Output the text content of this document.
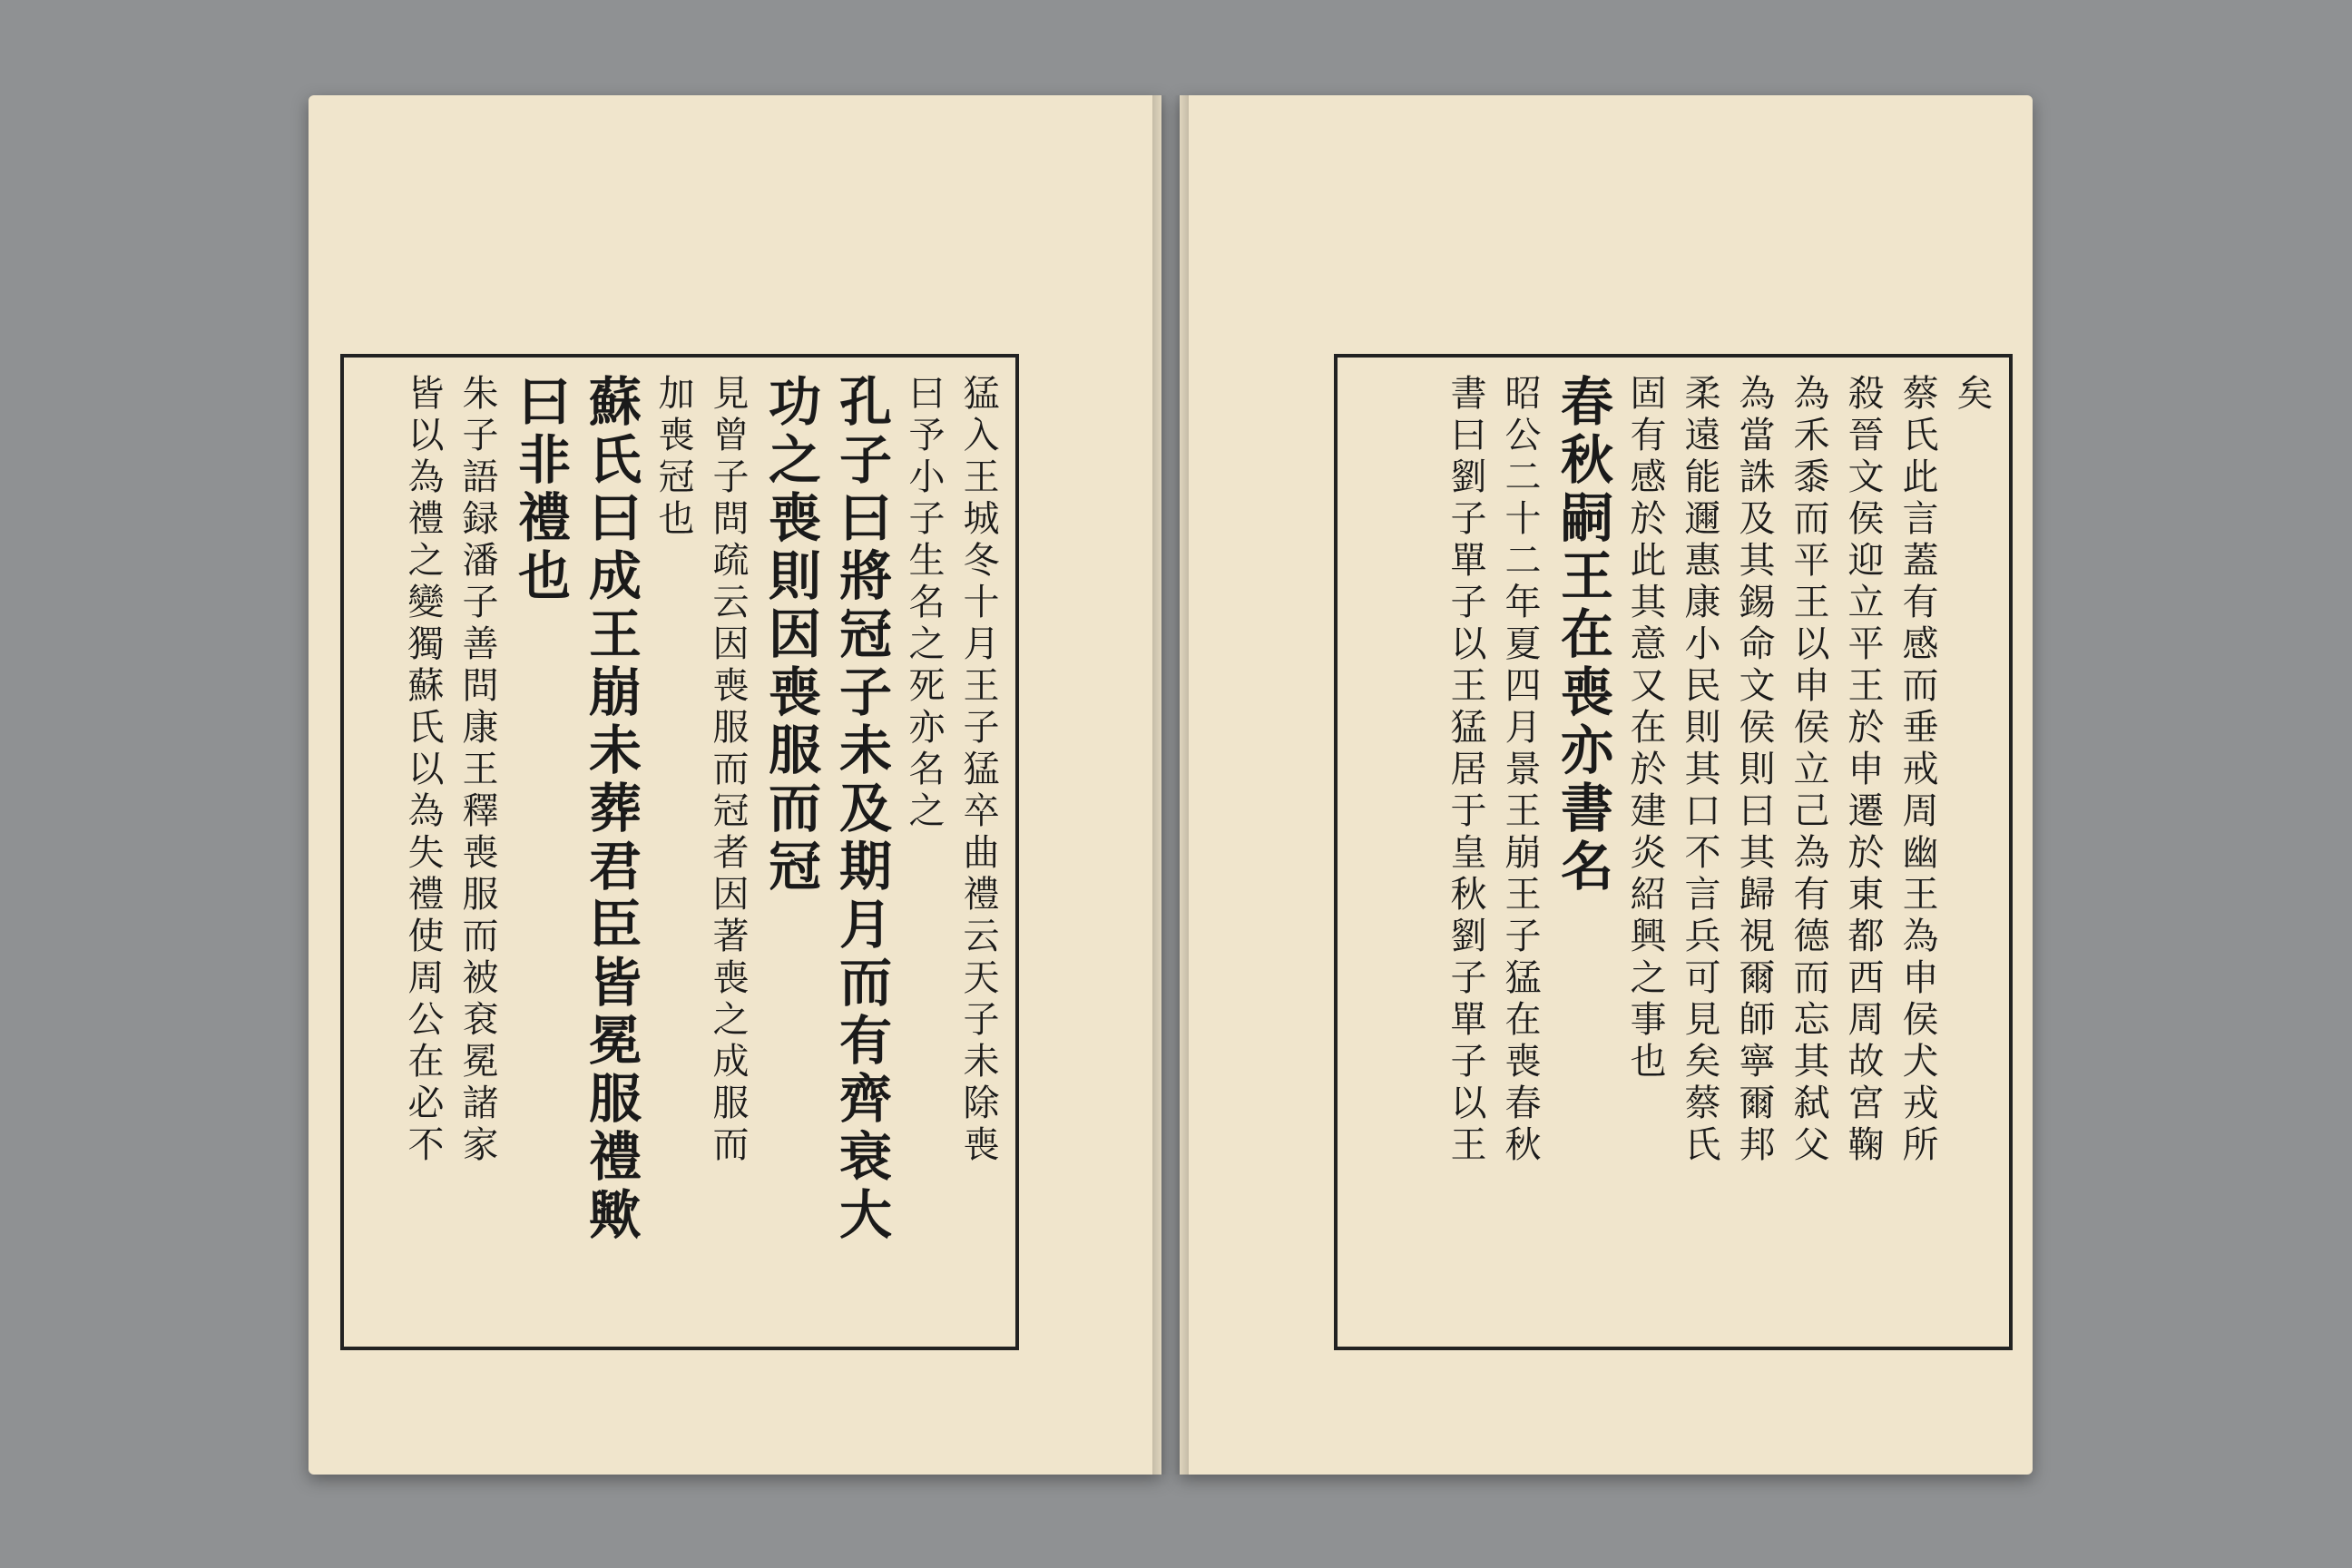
猛入王城冬十月王子猛卒曲禮云天子未除喪
曰予小子生名之死亦名之
孔子曰將冠子未及期月而有齊衰大
功之喪則因喪服而冠
見曾子問疏云因喪服而冠者因著喪之成服而
加喪冠也
蘇氏曰成王崩未葬君臣皆冕服禮歟
曰非禮也
朱子語録潘子善問康王釋喪服而被袞冕諸家
皆以為禮之變獨蘇氏以為失禮使周公在必不	矣
蔡氏此言蓋有感而垂戒周幽王為申侯犬戎所
殺晉文侯迎立平王於申遷於東都西周故宮鞠
為禾黍而平王以申侯立己為有德而忘其弑父
為當誅及其錫命文侯則曰其歸視爾師寧爾邦
柔遠能邇惠康小民則其口不言兵可見矣蔡氏
固有感於此其意又在於建炎紹興之事也
春秋嗣王在喪亦書名
昭公二十二年夏四月景王崩王子猛在喪春秋
書曰劉子單子以王猛居于皇秋劉子單子以王
